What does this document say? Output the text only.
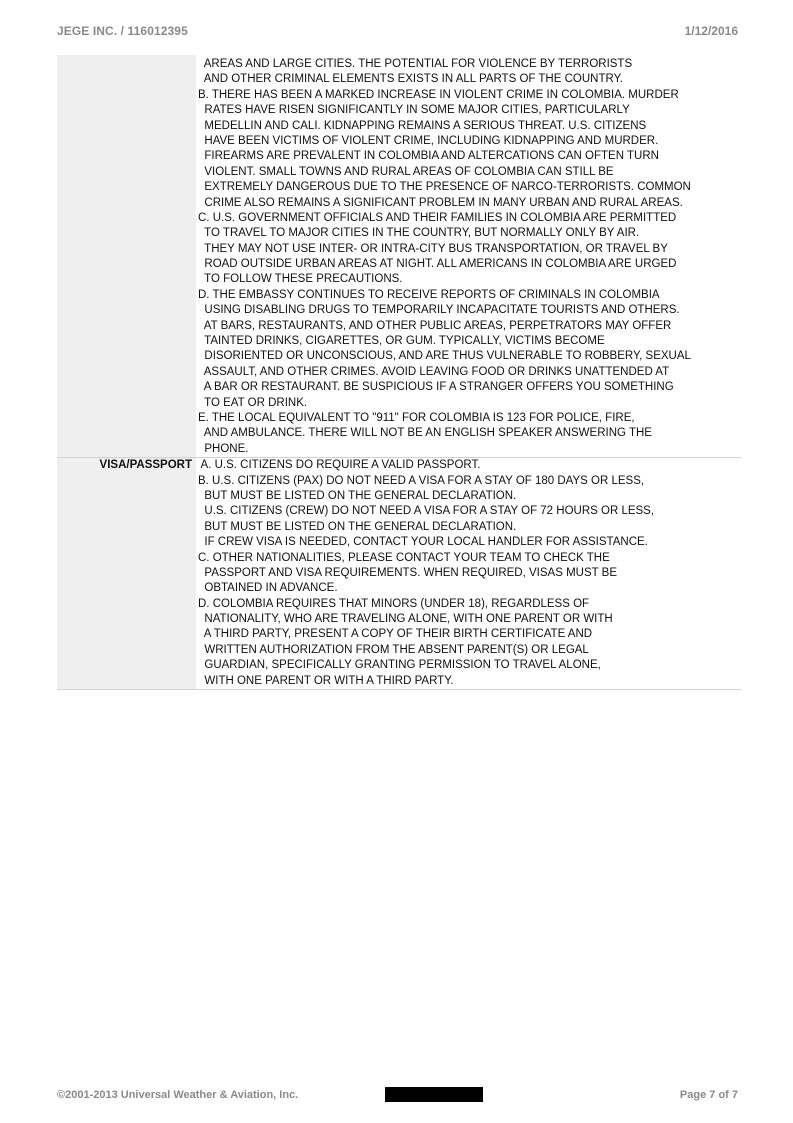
JEGE INC. / 116012395	1/12/2016
AREAS AND LARGE CITIES. THE POTENTIAL FOR VIOLENCE BY TERRORISTS
AND OTHER CRIMINAL ELEMENTS EXISTS IN ALL PARTS OF THE COUNTRY.
B. THERE HAS BEEN A MARKED INCREASE IN VIOLENT CRIME IN COLOMBIA. MURDER
RATES HAVE RISEN SIGNIFICANTLY IN SOME MAJOR CITIES, PARTICULARLY
MEDELLIN AND CALI. KIDNAPPING REMAINS A SERIOUS THREAT. U.S. CITIZENS
HAVE BEEN VICTIMS OF VIOLENT CRIME, INCLUDING KIDNAPPING AND MURDER.
FIREARMS ARE PREVALENT IN COLOMBIA AND ALTERCATIONS CAN OFTEN TURN
VIOLENT. SMALL TOWNS AND RURAL AREAS OF COLOMBIA CAN STILL BE
EXTREMELY DANGEROUS DUE TO THE PRESENCE OF NARCO-TERRORISTS. COMMON
CRIME ALSO REMAINS A SIGNIFICANT PROBLEM IN MANY URBAN AND RURAL AREAS.
C. U.S. GOVERNMENT OFFICIALS AND THEIR FAMILIES IN COLOMBIA ARE PERMITTED
TO TRAVEL TO MAJOR CITIES IN THE COUNTRY, BUT NORMALLY ONLY BY AIR.
THEY MAY NOT USE INTER- OR INTRA-CITY BUS TRANSPORTATION, OR TRAVEL BY
ROAD OUTSIDE URBAN AREAS AT NIGHT. ALL AMERICANS IN COLOMBIA ARE URGED
TO FOLLOW THESE PRECAUTIONS.
D. THE EMBASSY CONTINUES TO RECEIVE REPORTS OF CRIMINALS IN COLOMBIA
USING DISABLING DRUGS TO TEMPORARILY INCAPACITATE TOURISTS AND OTHERS.
AT BARS, RESTAURANTS, AND OTHER PUBLIC AREAS, PERPETRATORS MAY OFFER
TAINTED DRINKS, CIGARETTES, OR GUM. TYPICALLY, VICTIMS BECOME
DISORIENTED OR UNCONSCIOUS, AND ARE THUS VULNERABLE TO ROBBERY, SEXUAL
ASSAULT, AND OTHER CRIMES. AVOID LEAVING FOOD OR DRINKS UNATTENDED AT
A BAR OR RESTAURANT. BE SUSPICIOUS IF A STRANGER OFFERS YOU SOMETHING
TO EAT OR DRINK.
E. THE LOCAL EQUIVALENT TO "911" FOR COLOMBIA IS 123 FOR POLICE, FIRE,
AND AMBULANCE. THERE WILL NOT BE AN ENGLISH SPEAKER ANSWERING THE
PHONE.
VISA/PASSPORT A. U.S. CITIZENS DO REQUIRE A VALID PASSPORT.
B. U.S. CITIZENS (PAX) DO NOT NEED A VISA FOR A STAY OF 180 DAYS OR LESS,
BUT MUST BE LISTED ON THE GENERAL DECLARATION.
U.S. CITIZENS (CREW) DO NOT NEED A VISA FOR A STAY OF 72 HOURS OR LESS,
BUT MUST BE LISTED ON THE GENERAL DECLARATION.
IF CREW VISA IS NEEDED, CONTACT YOUR LOCAL HANDLER FOR ASSISTANCE.
C. OTHER NATIONALITIES, PLEASE CONTACT YOUR TEAM TO CHECK THE
PASSPORT AND VISA REQUIREMENTS. WHEN REQUIRED, VISAS MUST BE
OBTAINED IN ADVANCE.
D. COLOMBIA REQUIRES THAT MINORS (UNDER 18), REGARDLESS OF
NATIONALITY, WHO ARE TRAVELING ALONE, WITH ONE PARENT OR WITH
A THIRD PARTY, PRESENT A COPY OF THEIR BIRTH CERTIFICATE AND
WRITTEN AUTHORIZATION FROM THE ABSENT PARENT(S) OR LEGAL
GUARDIAN, SPECIFICALLY GRANTING PERMISSION TO TRAVEL ALONE,
WITH ONE PARENT OR WITH A THIRD PARTY.
©2001-2013 Universal Weather & Aviation, Inc.	Page 7 of 7
